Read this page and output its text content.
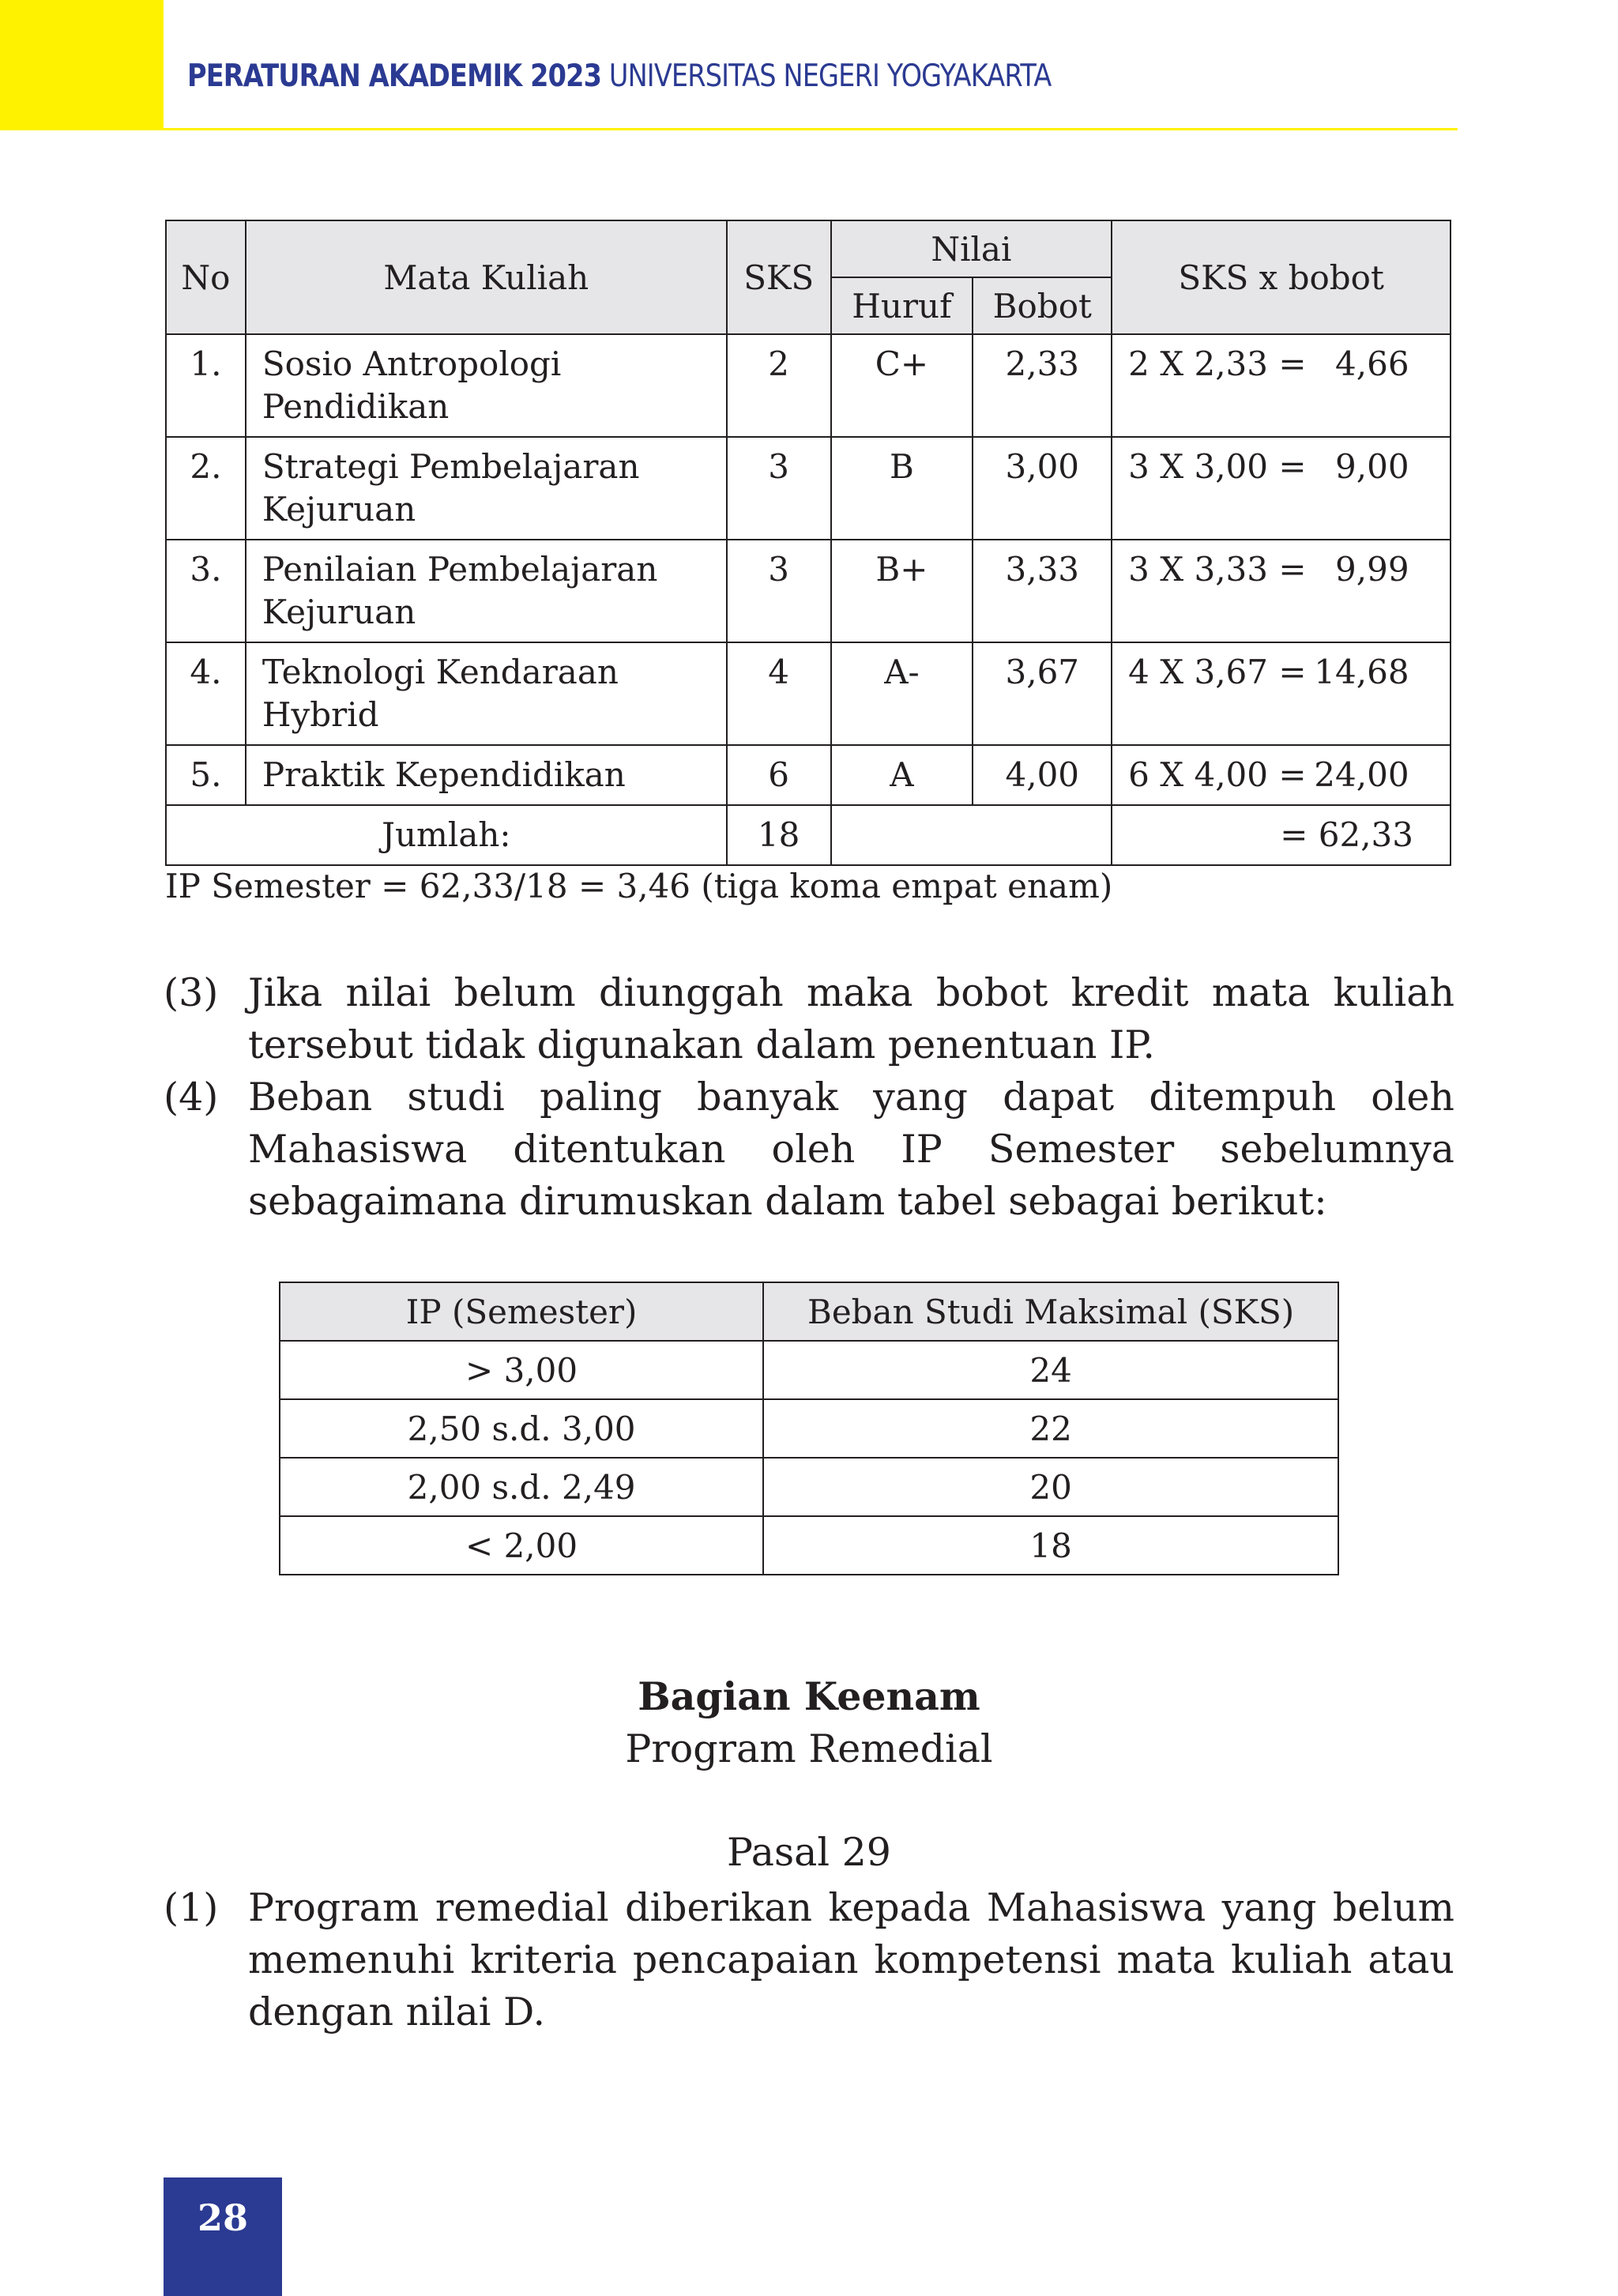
PERATURAN AKADEMIK 2023 UNIVERSITAS NEGERI YOGYAKARTA
No	Mata Kuliah	SKS	Nilai		SKS x bobot
			Huruf	Bobot	
1.	Sosio Antropologi Pendidikan	2	C+	2,33	2 X 2,33 = 4,66
2.	Strategi Pembelajaran Kejuruan	3	B	3,00	3 X 3,00 = 9,00
3.	Penilaian Pembelajaran Kejuruan	3	B+	3,33	3 X 3,33 = 9,99
4.	Teknologi Kendaraan Hybrid	4	A-	3,67	4 X 3,67 = 14,68
5.	Praktik Kependidikan	6	A	4,00	6 X 4,00 = 24,00
Jumlah:		18			= 62,33
IP Semester = 62,33/18 = 3,46 (tiga koma empat enam)
(3) Jika nilai belum diunggah maka bobot kredit mata kuliah tersebut tidak digunakan dalam penentuan IP.
(4) Beban studi paling banyak yang dapat ditempuh oleh Mahasiswa ditentukan oleh IP Semester sebelumnya sebagaimana dirumuskan dalam tabel sebagai berikut:
IP (Semester)	Beban Studi Maksimal (SKS)
> 3,00	24
2,50 s.d. 3,00	22
2,00 s.d. 2,49	20
< 2,00	18
Bagian Keenam
Program Remedial
Pasal 29
(1) Program remedial diberikan kepada Mahasiswa yang belum memenuhi kriteria pencapaian kompetensi mata kuliah atau dengan nilai D.
28
